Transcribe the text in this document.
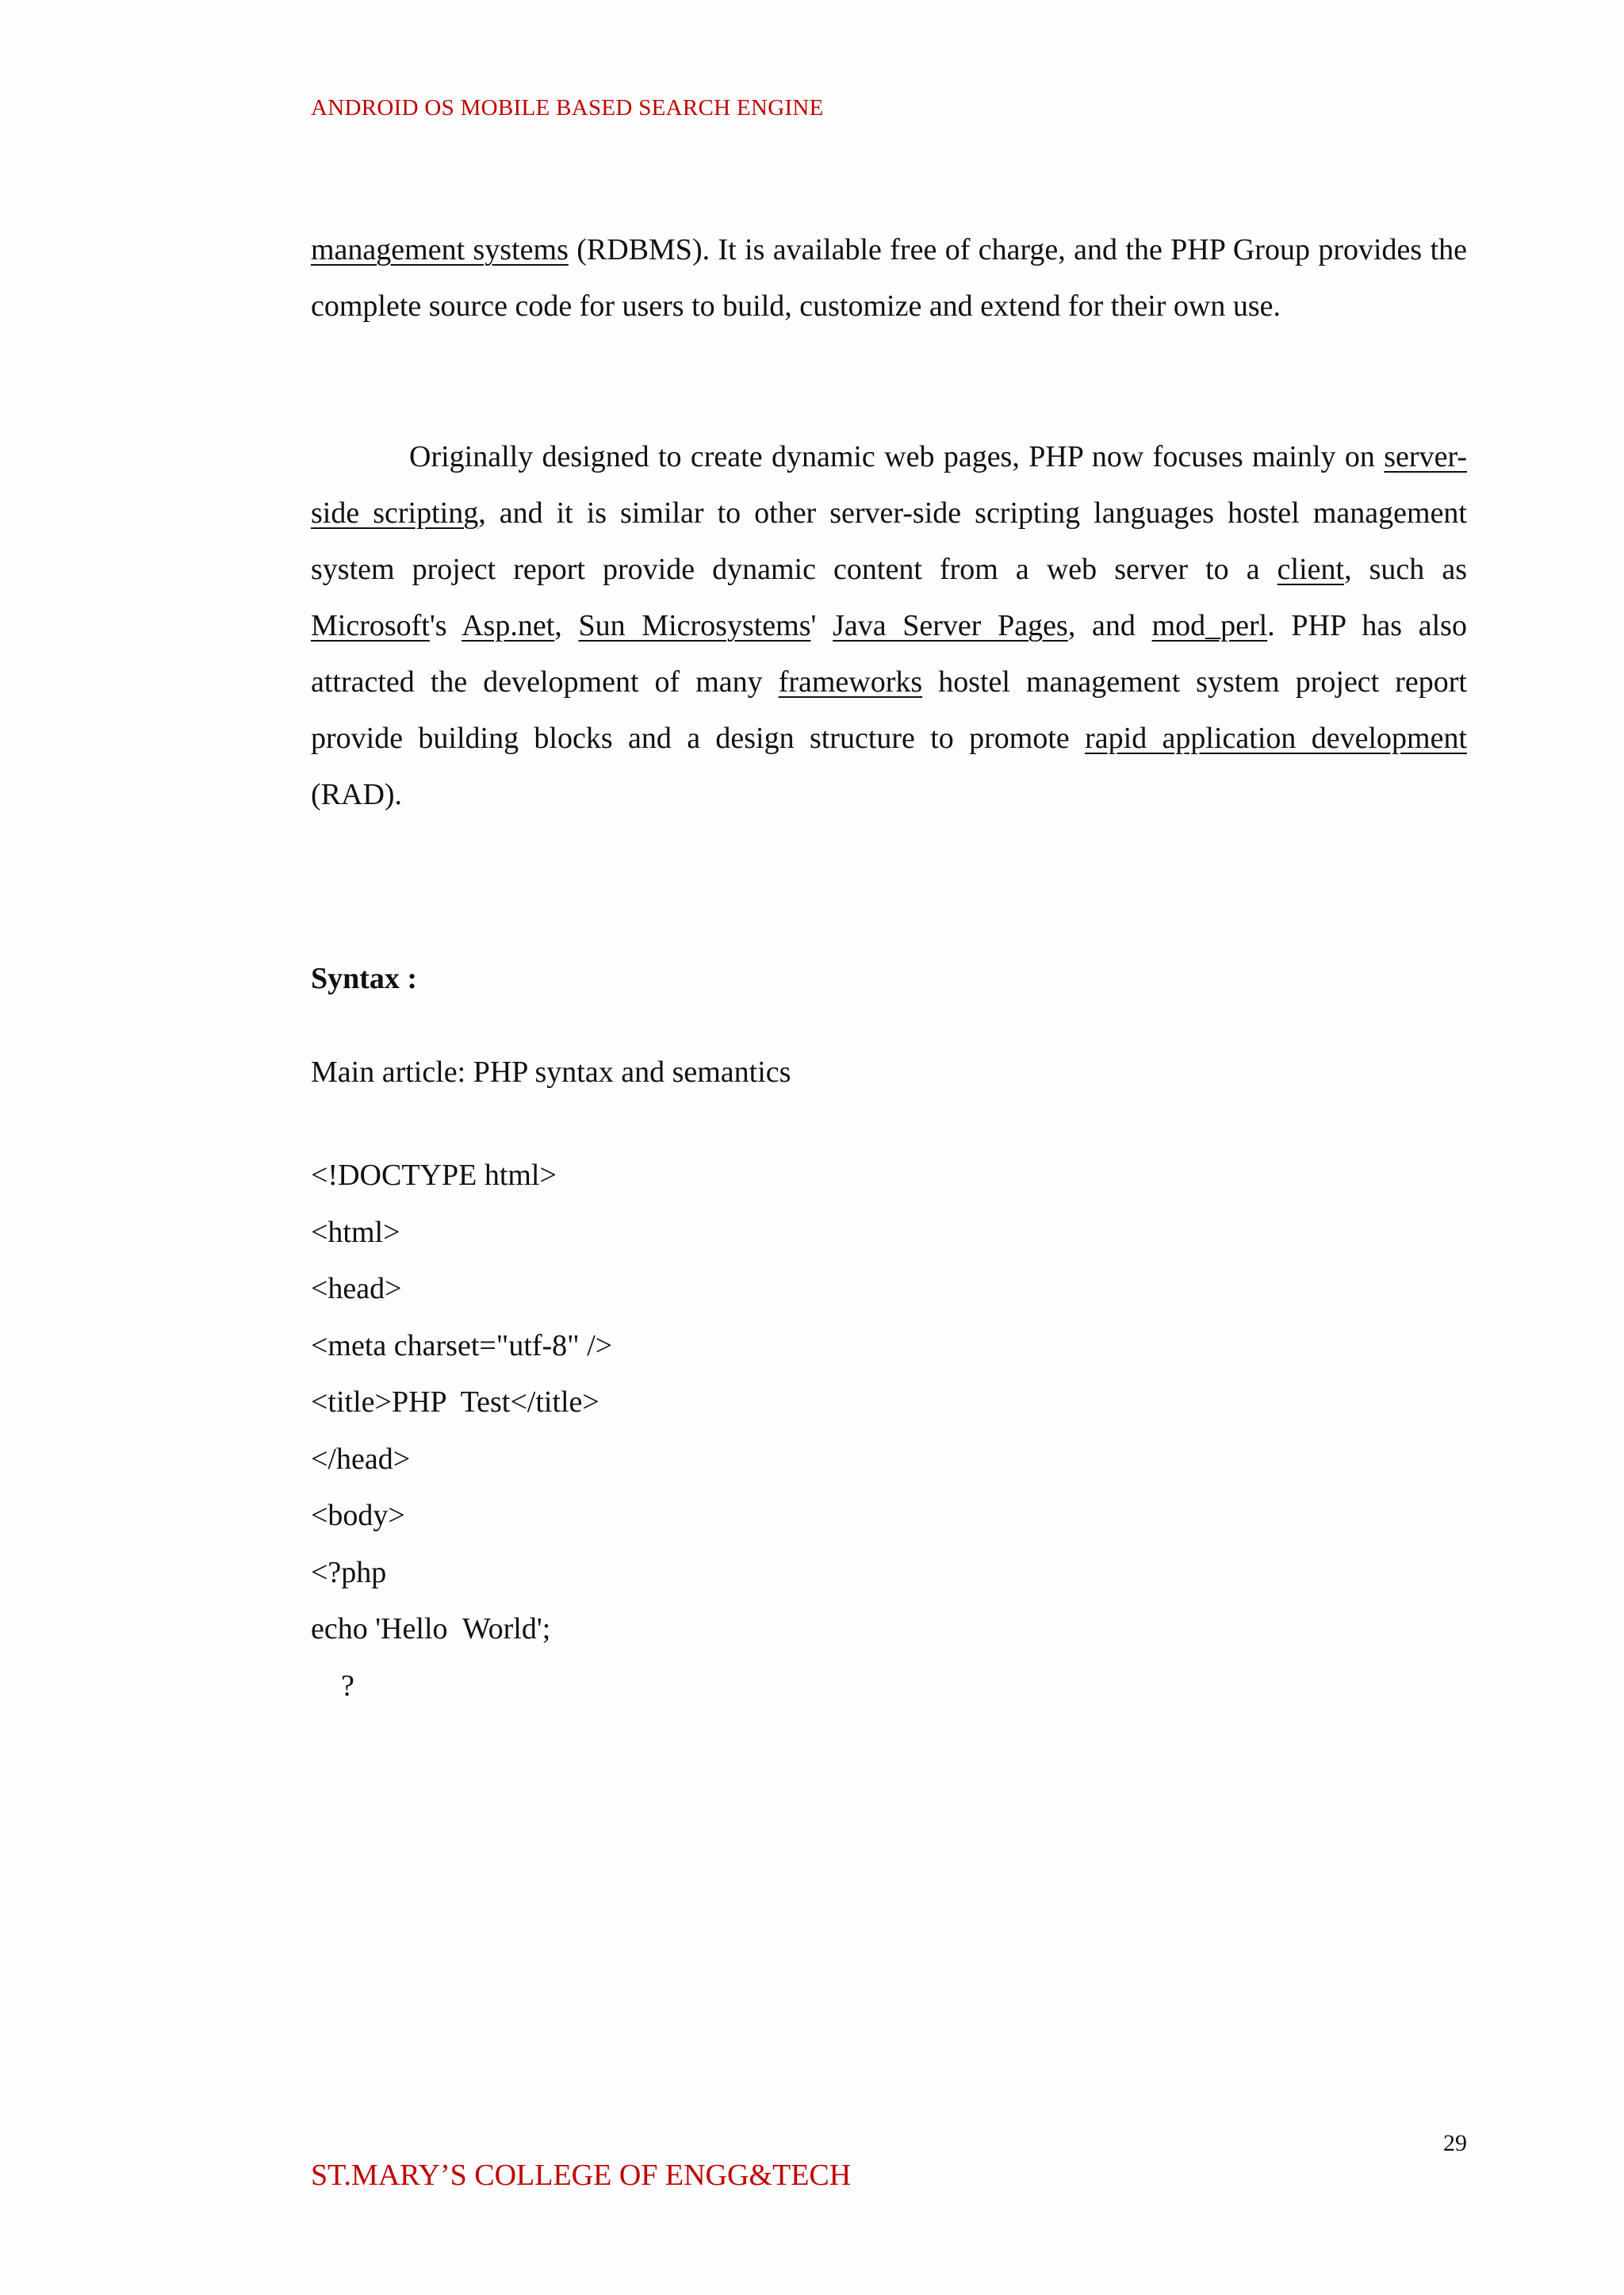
ANDROID OS MOBILE BASED SEARCH ENGINE

management systems (RDBMS). It is available free of charge, and the PHP Group provides the complete source code for users to build, customize and extend for their own use.

Originally designed to create dynamic web pages, PHP now focuses mainly on server-side scripting, and it is similar to other server-side scripting languages hostel management system project report provide dynamic content from a web server to a client, such as Microsoft's Asp.net, Sun Microsystems' Java Server Pages, and mod_perl. PHP has also attracted the development of many frameworks hostel management system project report provide building blocks and a design structure to promote rapid application development (RAD).

Syntax :

Main article: PHP syntax and semantics

<!DOCTYPE html>
<html>
<head>
<meta charset="utf-8" />
<title>PHP  Test</title>
</head>
<body>
<?php
echo 'Hello  World';
?
29
ST.MARY’S COLLEGE OF ENGG&TECH
